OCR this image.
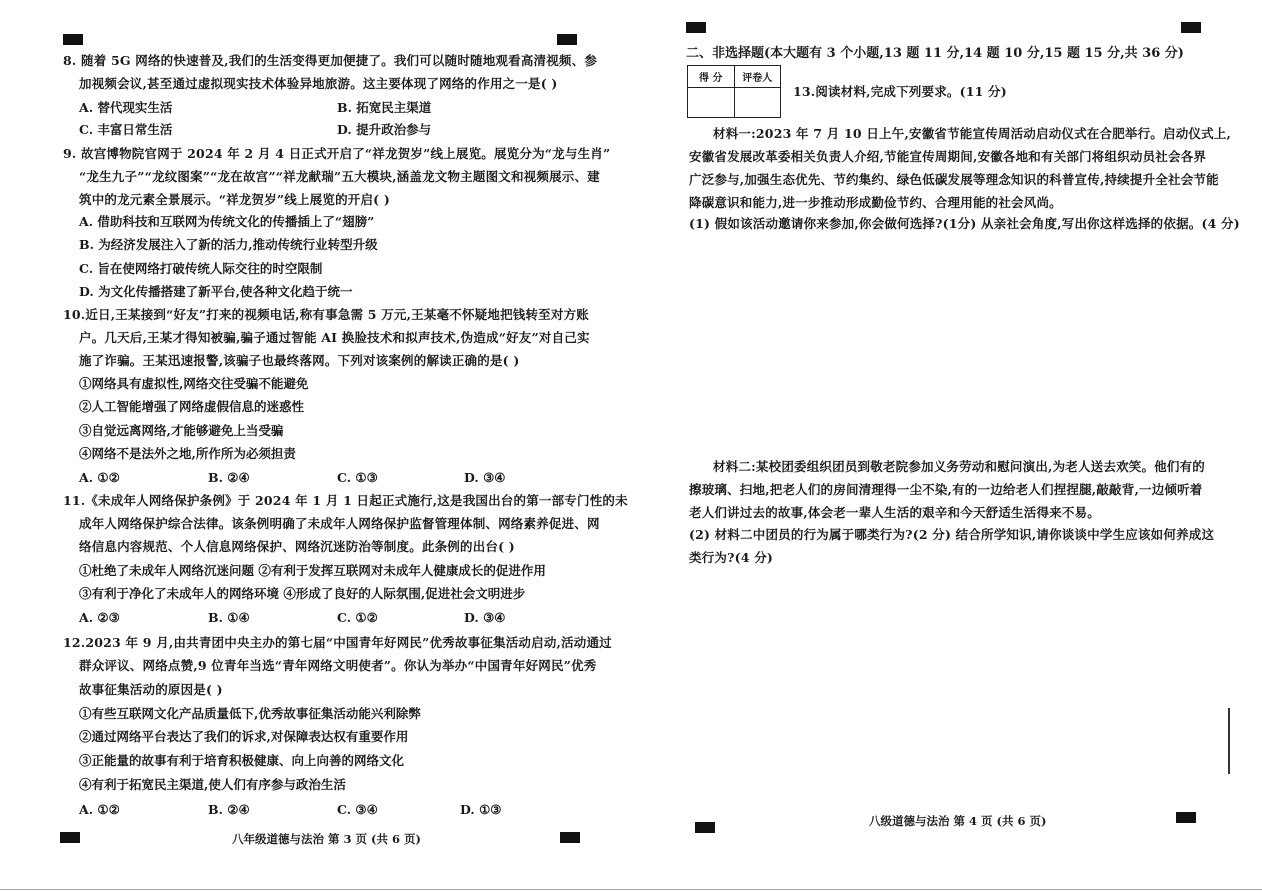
8. 随着 5G 网络的快速普及,我们的生活变得更加便捷了。我们可以随时随地观看高清视频、参
加视频会议,甚至通过虚拟现实技术体验异地旅游。这主要体现了网络的作用之一是( )
A. 替代现实生活	B. 拓宽民主渠道
C. 丰富日常生活	D. 提升政治参与
9. 故宫博物院官网于 2024 年 2 月 4 日正式开启了“祥龙贺岁”线上展览。展览分为“龙与生肖”
“龙生九子”“龙纹图案”“龙在故宫”“祥龙献瑞”五大模块,涵盖龙文物主题图文和视频展示、建
筑中的龙元素全景展示。“祥龙贺岁”线上展览的开启( )
A. 借助科技和互联网为传统文化的传播插上了“翅膀”
B. 为经济发展注入了新的活力,推动传统行业转型升级
C. 旨在使网络打破传统人际交往的时空限制
D. 为文化传播搭建了新平台,使各种文化趋于统一
10.近日,王某接到“好友”打来的视频电话,称有事急需 5 万元,王某毫不怀疑地把钱转至对方账
户。几天后,王某才得知被骗,骗子通过智能 AI 换脸技术和拟声技术,伪造成“好友”对自己实
施了诈骗。王某迅速报警,该骗子也最终落网。下列对该案例的解读正确的是( )
①网络具有虚拟性,网络交往受骗不能避免
②人工智能增强了网络虚假信息的迷惑性
③自觉远离网络,才能够避免上当受骗
④网络不是法外之地,所作所为必须担责
A. ①②	B. ②④	C. ①③	D. ③④
11.《未成年人网络保护条例》于 2024 年 1 月 1 日起正式施行,这是我国出台的第一部专门性的未
成年人网络保护综合法律。该条例明确了未成年人网络保护监督管理体制、网络素养促进、网
络信息内容规范、个人信息网络保护、网络沉迷防治等制度。此条例的出台( )
①杜绝了未成年人网络沉迷问题 ②有利于发挥互联网对未成年人健康成长的促进作用
③有利于净化了未成年人的网络环境 ④形成了良好的人际氛围,促进社会文明进步
A. ②③	B. ①④	C. ①②	D. ③④
12.2023 年 9 月,由共青团中央主办的第七届“中国青年好网民”优秀故事征集活动启动,活动通过
群众评议、网络点赞,9 位青年当选“青年网络文明使者”。你认为举办“中国青年好网民”优秀
故事征集活动的原因是( )
①有些互联网文化产品质量低下,优秀故事征集活动能兴利除弊
②通过网络平台表达了我们的诉求,对保障表达权有重要作用
③正能量的故事有利于培育积极健康、向上向善的网络文化
④有利于拓宽民主渠道,使人们有序参与政治生活
A. ①②	B. ②④	C. ③④	D. ①③
八年级道德与法治 第 3 页 (共 6 页)
二、非选择题(本大题有 3 个小题,13 题 11 分,14 题 10 分,15 题 15 分,共 36 分)
得 分	评卷人

13.阅读材料,完成下列要求。(11 分)
材料一:2023 年 7 月 10 日上午,安徽省节能宣传周活动启动仪式在合肥举行。启动仪式上,
安徽省发展改革委相关负责人介绍,节能宣传周期间,安徽各地和有关部门将组织动员社会各界
广泛参与,加强生态优先、节约集约、绿色低碳发展等理念知识的科普宣传,持续提升全社会节能
降碳意识和能力,进一步推动形成勤俭节约、合理用能的社会风尚。
(1) 假如该活动邀请你来参加,你会做何选择?(1分) 从亲社会角度,写出你这样选择的依据。(4 分)
材料二:某校团委组织团员到敬老院参加义务劳动和慰问演出,为老人送去欢笑。他们有的
擦玻璃、扫地,把老人们的房间清理得一尘不染,有的一边给老人们捏捏腿,敲敲背,一边倾听着
老人们讲过去的故事,体会老一辈人生活的艰辛和今天舒适生活得来不易。
(2) 材料二中团员的行为属于哪类行为?(2 分) 结合所学知识,请你谈谈中学生应该如何养成这
类行为?(4 分)
八级道德与法治 第 4 页 (共 6 页)
